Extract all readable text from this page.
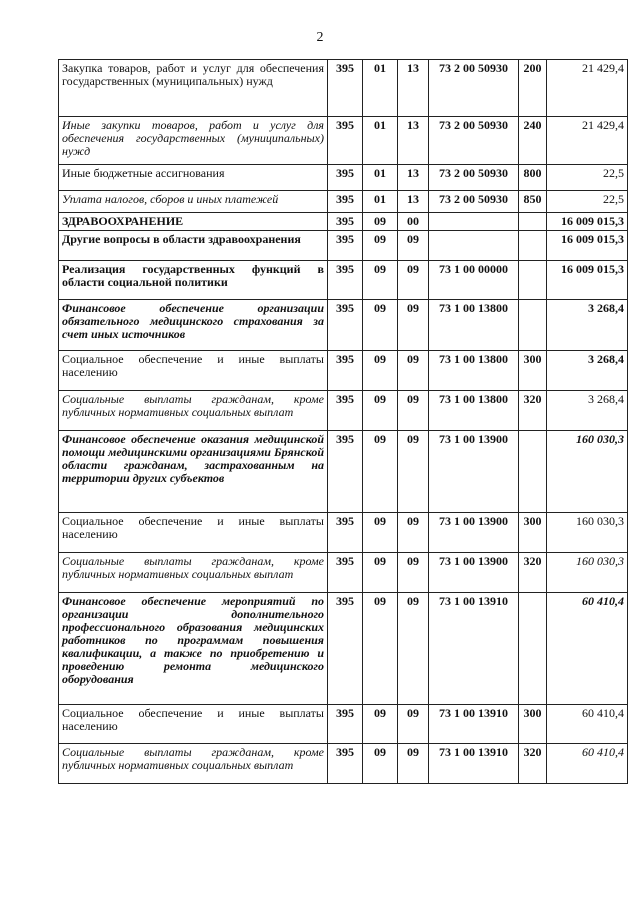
2
Закупка товаров, работ и услуг для обеспечения государственных (муниципальных) нужд	395	01	13	73 2 00 50930	200	21 429,4
Иные закупки товаров, работ и услуг для обеспечения государственных (муниципальных) нужд	395	01	13	73 2 00 50930	240	21 429,4
Иные бюджетные ассигнования	395	01	13	73 2 00 50930	800	22,5
Уплата налогов, сборов и иных платежей	395	01	13	73 2 00 50930	850	22,5
ЗДРАВООХРАНЕНИЕ	395	09	00			16 009 015,3
Другие вопросы в области здравоохранения	395	09	09			16 009 015,3
Реализация государственных функций в области социальной политики	395	09	09	73 1 00 00000		16 009 015,3
Финансовое обеспечение организации обязательного медицинского страхования за счет иных источников	395	09	09	73 1 00 13800		3 268,4
Социальное обеспечение и иные выплаты населению	395	09	09	73 1 00 13800	300	3 268,4
Социальные выплаты гражданам, кроме публичных нормативных социальных выплат	395	09	09	73 1 00 13800	320	3 268,4
Финансовое обеспечение оказания медицинской помощи медицинскими организациями Брянской области гражданам, застрахованным на территории других субъектов	395	09	09	73 1 00 13900		160 030,3
Социальное обеспечение и иные выплаты населению	395	09	09	73 1 00 13900	300	160 030,3
Социальные выплаты гражданам, кроме публичных нормативных социальных выплат	395	09	09	73 1 00 13900	320	160 030,3
Финансовое обеспечение мероприятий по организации дополнительного профессионального образования медицинских работников по программам повышения квалификации, а также по приобретению и проведению ремонта медицинского оборудования	395	09	09	73 1 00 13910		60 410,4
Социальное обеспечение и иные выплаты населению	395	09	09	73 1 00 13910	300	60 410,4
Социальные выплаты гражданам, кроме публичных нормативных социальных выплат	395	09	09	73 1 00 13910	320	60 410,4
